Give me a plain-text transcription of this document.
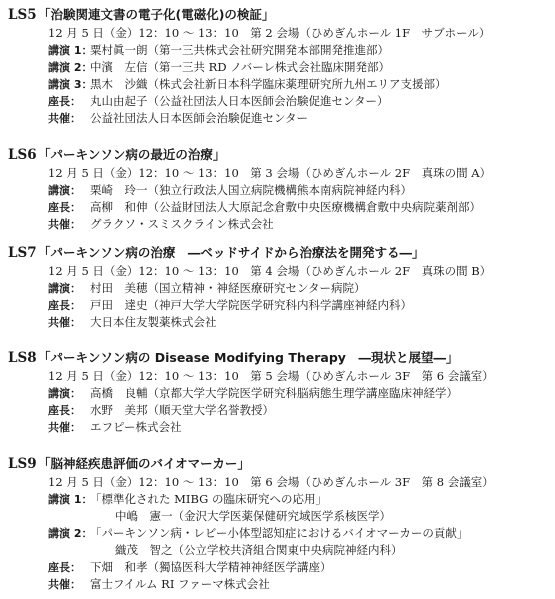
LS5 「治験関連文書の電子化(電磁化)の検証」
12 月 5 日（金）12：10 〜 13：10　第 2 会場（ひめぎんホール 1F　サブホール）
講演 1：
粟村眞一朗（第一三共株式会社研究開発本部開発推進部）
講演 2：
中濱　左信（第一三共 RD ノバーレ株式会社臨床開発部）
講演 3：
黒木　沙織（株式会社新日本科学臨床薬理研究所九州エリア支援部）
座長： 丸山由起子（公益社団法人日本医師会治験促進センター）
共催： 公益社団法人日本医師会治験促進センター
LS6 「パーキンソン病の最近の治療」
12 月 5 日（金）12：10 〜 13：10　第 3 会場（ひめぎんホール 2F　真珠の間 A）
講演： 栗崎　玲一（独立行政法人国立病院機構熊本南病院神経内科）
座長： 高柳　和伸（公益財団法人大原記念倉敷中央医療機構倉敷中央病院薬剤部）
共催： グラクソ・スミスクライン株式会社
LS7 「パーキンソン病の治療　―ベッドサイドから治療法を開発する―」
12 月 5 日（金）12：10 〜 13：10　第 4 会場（ひめぎんホール 2F　真珠の間 B）
講演： 村田　美穂（国立精神・神経医療研究センター病院）
座長： 戸田　達史（神戸大学大学院医学研究科内科学講座神経内科）
共催： 大日本住友製薬株式会社
LS8 「パーキンソン病の Disease Modifying Therapy　―現状と展望―」
12 月 5 日（金）12：10 〜 13：10　第 5 会場（ひめぎんホール 3F　第 6 会議室）
講演： 高橋　良輔（京都大学大学院医学研究科脳病態生理学講座臨床神経学）
座長： 水野　美邦（順天堂大学名誉教授）
共催： エフピー株式会社
LS9 「脳神経疾患評価のバイオマーカー」
12 月 5 日（金）12：10 〜 13：10　第 6 会場（ひめぎんホール 3F　第 8 会議室）
講演 1：
「標準化された MIBG の臨床研究への応用」
中嶋　憲一（金沢大学医薬保健研究域医学系核医学）
講演 2：
「パーキンソン病・レビー小体型認知症におけるバイオマーカーの貢献」
織茂　智之（公立学校共済組合関東中央病院神経内科）
座長： 下畑　和孝（獨協医科大学精神神経医学講座）
共催： 富士フイルム RI ファーマ株式会社
